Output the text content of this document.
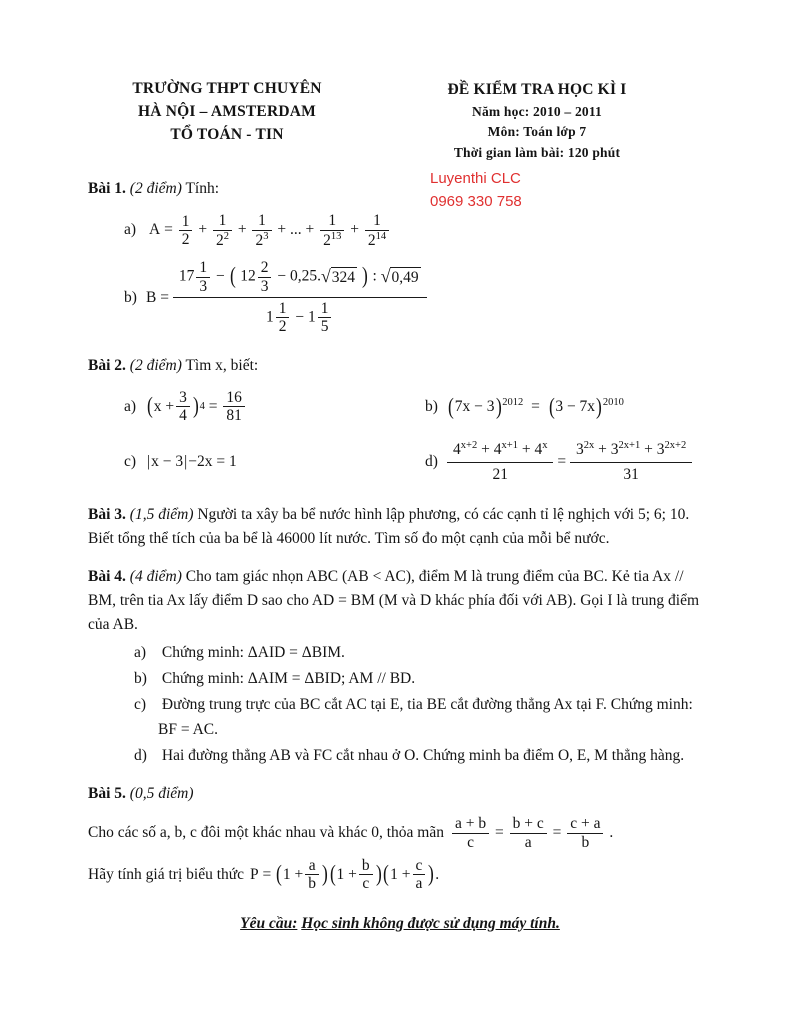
TRƯỜNG THPT CHUYÊN
HÀ NỘI – AMSTERDAM
TỔ TOÁN - TIN
ĐỀ KIỂM TRA HỌC KÌ I
Năm học: 2010 – 2011
Môn: Toán lớp 7
Thời gian làm bài: 120 phút
Bài 1. (2 điểm) Tính:
a) $A = \frac{1}{2} + \frac{1}{2^2} + \frac{1}{2^3}$ + ... + $\frac{1}{2^{13}} + \frac{1}{2^{14}}$
b) B =
$17 \frac{1}{3}$ − ( $12 \frac{2}{3} - 0,25.√324$ ) : √0,49
$1 \frac{1}{2} - 1 \frac{1}{5}$
Bài 2. (2 điểm) Tìm x, biết:
a) ( $x + \frac{3}{4}$ ) $4 = \frac{16}{81}$	b) $(7x - 3)^{2012} = (3 - 7x)^{2010}$
c) |x − 3|−2x = 1	$d) \frac{4^{x+2} + 4^{x+1} + 4^x}{21} = \frac{3^{2x} + 3^{2x+1} + 3^{2x+2}}{31}$
Bài 3. (1,5 điểm) Người ta xây ba bể nước hình lập phương, có các cạnh tỉ lệ nghịch với 5; 6; 10. Biết tổng thể tích của ba bể là 46000 lít nước. Tìm số đo một cạnh của mỗi bể nước.
Bài 4. (4 điểm) Cho tam giác nhọn ABC (AB < AC), điểm M là trung điểm của BC. Kẻ tia Ax // BM, trên tia Ax lấy điểm D sao cho AD = BM (M và D khác phía đối với AB). Gọi I là trung điểm của AB.
a) Chứng minh: ΔAID = ΔBIM.
b) Chứng minh: ΔAIM = ΔBID; AM // BD.
c) Đường trung trực của BC cắt AC tại E, tia BE cắt đường thẳng Ax tại F. Chứng minh: BF = AC.
d) Hai đường thẳng AB và FC cắt nhau ở O. Chứng minh ba điểm O, E, M thẳng hàng.
Bài 5. (0,5 điểm)
Cho các số a, b, c đôi một khác nhau và khác 0, thỏa mãn $\frac{a + b}{c} = \frac{b + c}{a} = \frac{c + a}{b}$ .
Hãy tính giá trị biểu thức P = ( $1 + \frac{a}{b}$ ) ( $1 + \frac{b}{c}$ ) ( $1 + \frac{c}{a}$ ) .
Yêu cầu: Học sinh không được sử dụng máy tính.
Luyenthi CLC
0969 330 758
